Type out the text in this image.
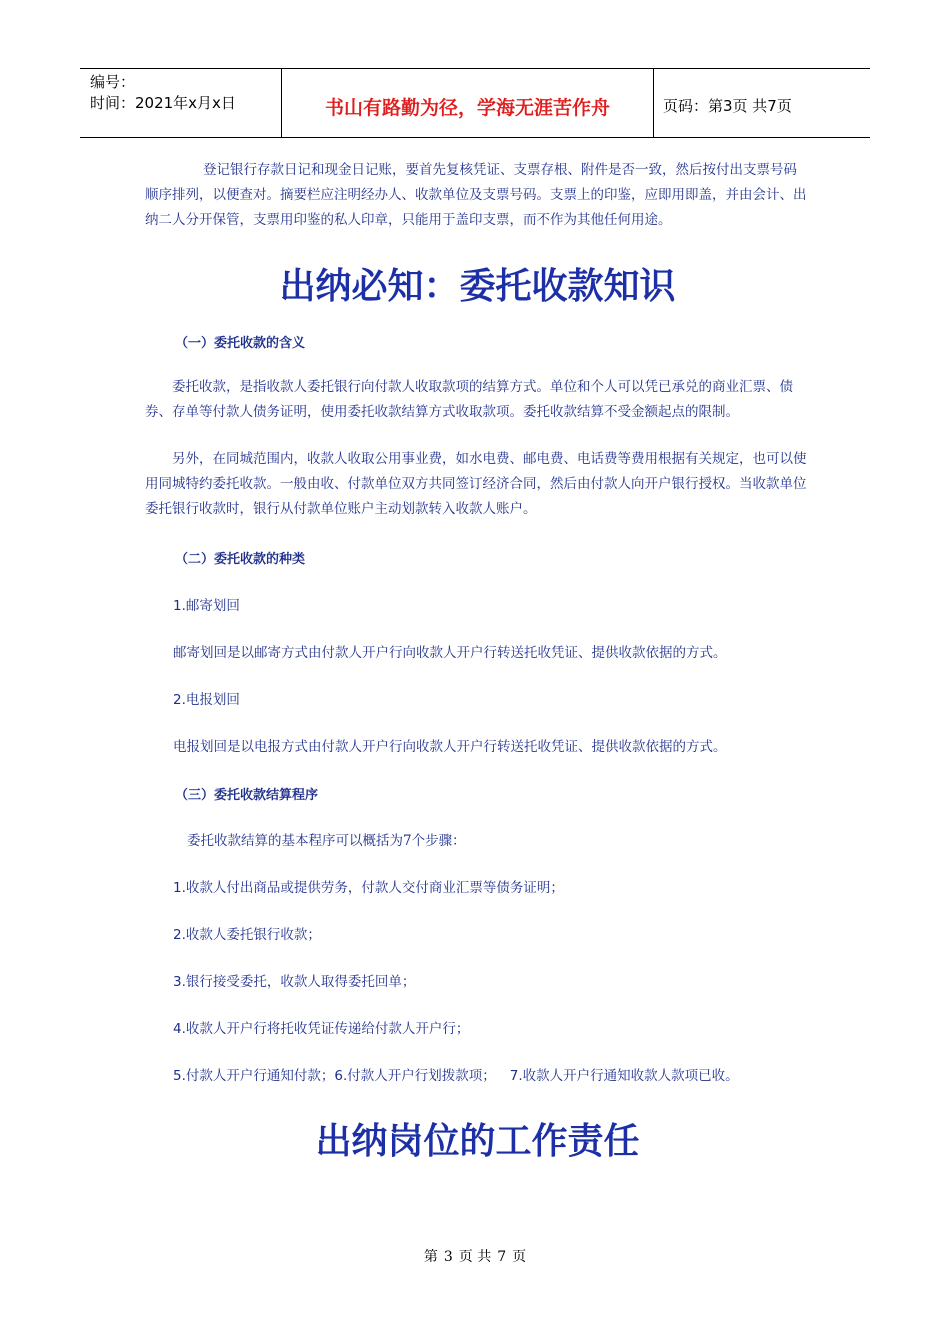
编号：
时间：2021年x月x日	书山有路勤为径，学海无涯苦作舟	页码：第3页 共7页
登记银行存款日记和现金日记账，要首先复核凭证、支票存根、附件是否一致，然后按付出支票号码顺序排列，以便查对。摘要栏应注明经办人、收款单位及支票号码。支票上的印鉴，应即用即盖，并由会计、出纳二人分开保管，支票用印鉴的私人印章，只能用于盖印支票，而不作为其他任何用途。
出纳必知：委托收款知识
（一）委托收款的含义
委托收款，是指收款人委托银行向付款人收取款项的结算方式。单位和个人可以凭已承兑的商业汇票、债券、存单等付款人债务证明，使用委托收款结算方式收取款项。委托收款结算不受金额起点的限制。
另外，在同城范围内，收款人收取公用事业费，如水电费、邮电费、电话费等费用根据有关规定，也可以使用同城特约委托收款。一般由收、付款单位双方共同签订经济合同，然后由付款人向开户银行授权。当收款单位委托银行收款时，银行从付款单位账户主动划款转入收款人账户。
（二）委托收款的种类
1.邮寄划回
邮寄划回是以邮寄方式由付款人开户行向收款人开户行转送托收凭证、提供收款依据的方式。
2.电报划回
电报划回是以电报方式由付款人开户行向收款人开户行转送托收凭证、提供收款依据的方式。
（三）委托收款结算程序
委托收款结算的基本程序可以概括为7个步骤：
1.收款人付出商品或提供劳务，付款人交付商业汇票等债务证明；
2.收款人委托银行收款；
3.银行接受委托，收款人取得委托回单；
4.收款人开户行将托收凭证传递给付款人开户行；
5.付款人开户行通知付款；6.付款人开户行划拨款项； 7.收款人开户行通知收款人款项已收。
出纳岗位的工作责任
第 3 页 共 7 页
